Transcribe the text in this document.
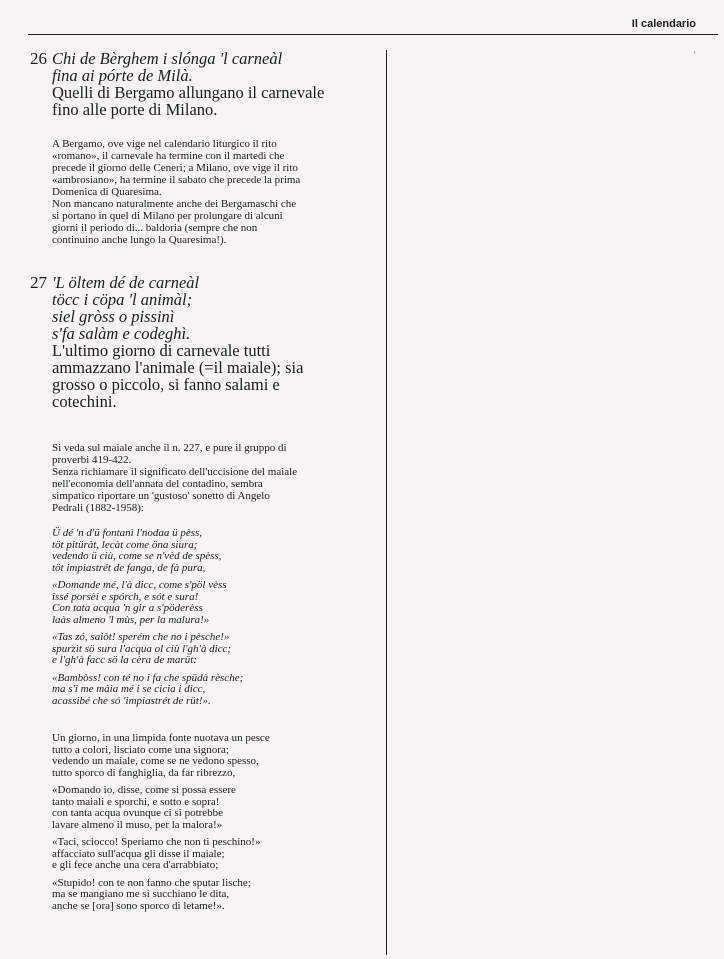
Il calendario
'
26 Chi de Bèrghem i slónga 'l carneàl
fina ai pórte de Milà.
Quelli di Bergamo allungano il carnevale
fino alle porte di Milano.

A Bergamo, ove vige nel calendario liturgico il rito
«romano», il carnevale ha termine con il martedì che
precede il giorno delle Ceneri; a Milano, ove vige il rito
«ambrosiano», ha termine il sabato che precede la prima
Domenica di Quaresima.

Non mancano naturalmente anche dei Bergamaschi che
si portano in quel di Milano per prolungare di alcuni
giorni il periodo di... baldoria (sempre che non
continuino anche lungo la Quaresima!).

27 'L öltem dé de carneàl
töcc i cöpa 'l animàl;
siel gròss o pissinì
s'fa salàm e codeghì.
L'ultimo giorno di carnevale tutti
ammazzano l'animale (=il maiale); sia
grosso o piccolo, si fanno salami e
cotechini.

Si veda sul maiale anche il n. 227, e pure il gruppo di
proverbi 419-422.
Senza richiamare il significato dell'uccisione del maiale
nell'economia dell'annata del contadino, sembra
simpatico riportare un 'gustoso' sonetto di Angelo
Pedrali (1882-1958):

Ü dé 'n d'ü fontanì l'nodaa ü pèss,
töt pitüràt, lecàt come öna siura;
vedendo ü ciù, come se n'vèd de spèss,
töt impiastrét de fanga, de fà pura,

«Domande mé, l'à dicc, come s'pöl vèss
issé porsèi e spórch, e sót e sura!
Con tata acqua 'n gir a s'pöderèss
laàs almeno 'l mùs, per la malura!»

«Tas zó, saiòt! sperém che no i pèsche!»
spurzìt sö sura l'acqua ol ciù l'gh'à dicc;
e l'gh'à facc sö la cèra de marüt:

«Bambòss! con té no i fa che spüdà rèsche;
ma s'i me màia mé i se cicia i dicc,
acassibé che só 'impiastrét de rüt!».

Un giorno, in una limpida fonte nuotava un pesce
tutto a colori, lisciato come una signora;
vedendo un maiale, come se ne vedono spesso,
tutto sporco di fanghiglia, da far ribrezzo,

«Domando io, disse, come si possa essere
tanto maiali e sporchi, e sotto e sopra!
con tanta acqua ovunque ci si potrebbe
lavare almeno il muso, per la malora!»

«Taci, sciocco! Speriamo che non ti peschino!»
affacciato sull'acqua gli disse il maiale;
e gli fece anche una cera d'arrabbiato;

«Stupido! con te non fanno che sputar lische;
ma se mangiano me si succhiano le dita,
anche se [ora] sono sporco di letame!».
